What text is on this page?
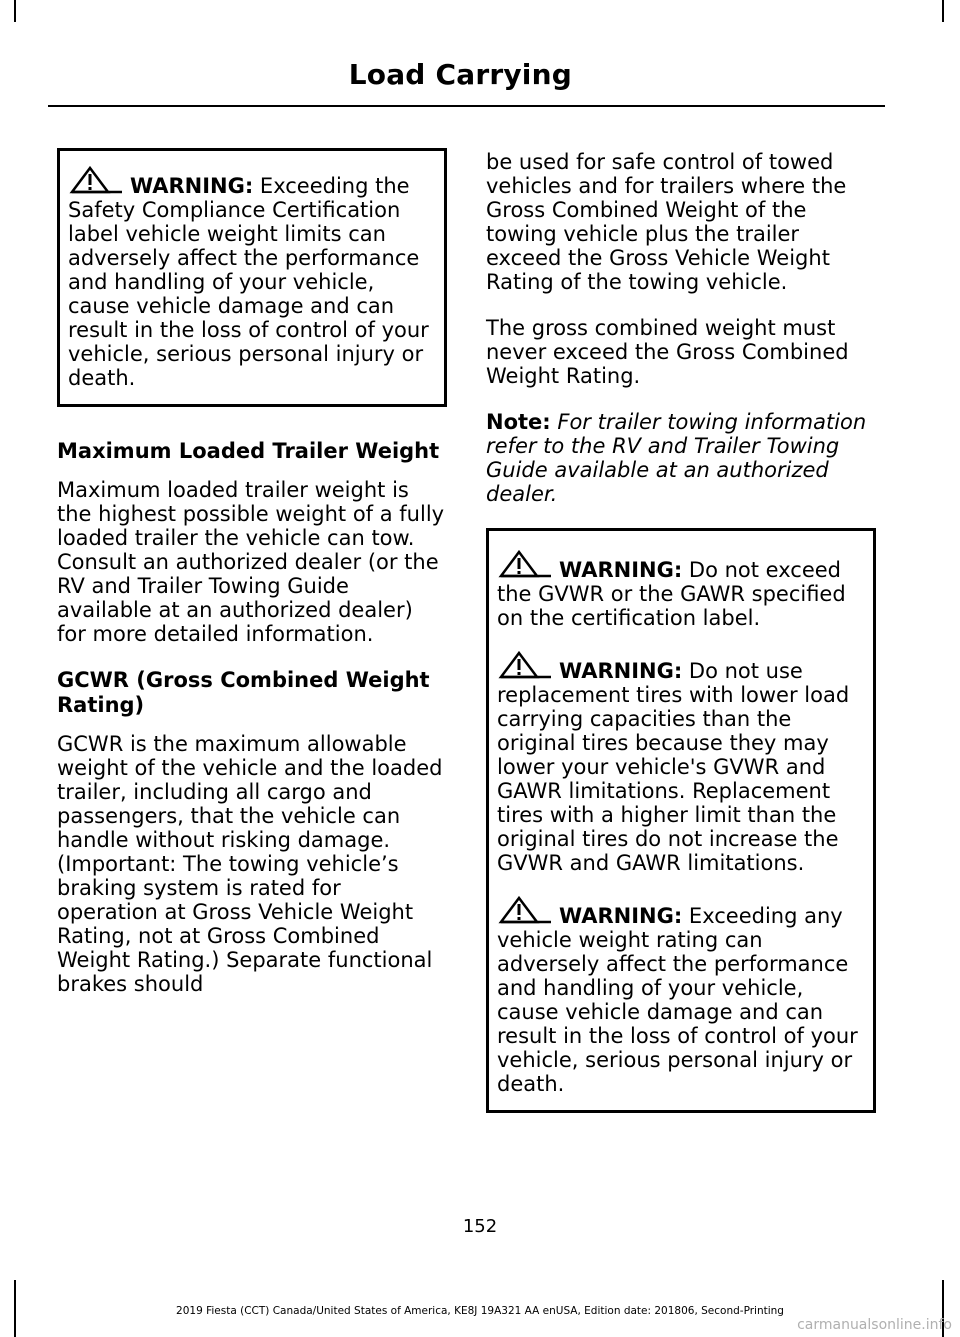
Load Carrying
WARNING: Exceeding the Safety Compliance Certification label vehicle weight limits can adversely affect the performance and handling of your vehicle, cause vehicle damage and can result in the loss of control of your vehicle, serious personal injury or death.
Maximum Loaded Trailer Weight

Maximum loaded trailer weight is the highest possible weight of a fully loaded trailer the vehicle can tow. Consult an authorized dealer (or the RV and Trailer Towing Guide available at an authorized dealer) for more detailed information.

GCWR (Gross Combined Weight Rating)

GCWR is the maximum allowable weight of the vehicle and the loaded trailer, including all cargo and passengers, that the vehicle can handle without risking damage. (Important: The towing vehicle’s braking system is rated for operation at Gross Vehicle Weight Rating, not at Gross Combined Weight Rating.) Separate functional brakes should

be used for safe control of towed vehicles and for trailers where the Gross Combined Weight of the towing vehicle plus the trailer exceed the Gross Vehicle Weight Rating of the towing vehicle.

The gross combined weight must never exceed the Gross Combined Weight Rating.

Note: For trailer towing information refer to the RV and Trailer Towing Guide available at an authorized dealer.

WARNING: Do not exceed the GVWR or the GAWR specified on the certification label.
WARNING: Do not use replacement tires with lower load carrying capacities than the original tires because they may lower your vehicle's GVWR and GAWR limitations. Replacement tires with a higher limit than the original tires do not increase the GVWR and GAWR limitations.
WARNING: Exceeding any vehicle weight rating can adversely affect the performance and handling of your vehicle, cause vehicle damage and can result in the loss of control of your vehicle, serious personal injury or death.
152
2019 Fiesta (CCT) Canada/United States of America, KE8J 19A321 AA enUSA, Edition date: 201806, Second-Printing
carmanualsonline.info
